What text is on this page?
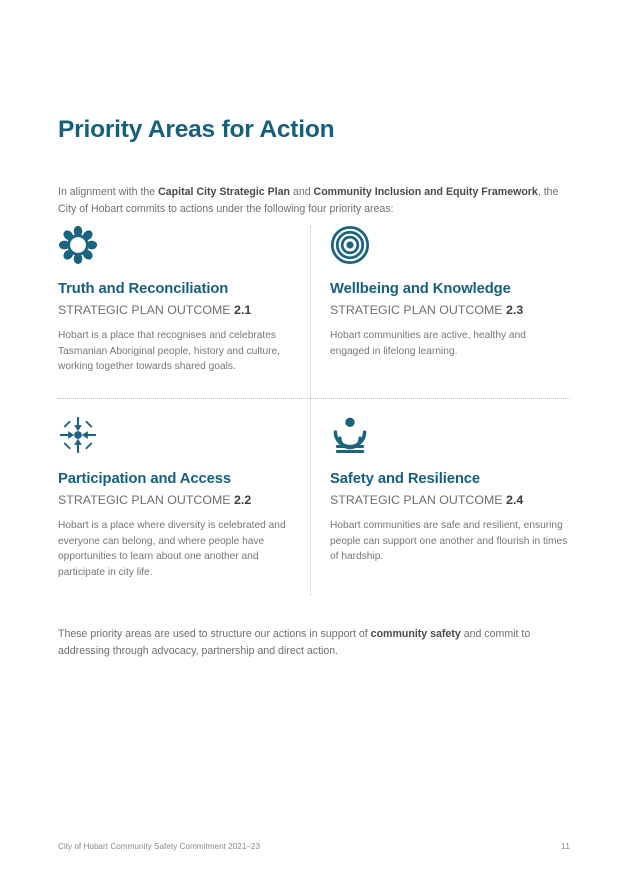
Priority Areas for Action

In alignment with the Capital City Strategic Plan and Community Inclusion and Equity Framework, the City of Hobart commits to actions under the following four priority areas:

Truth and Reconciliation
STRATEGIC PLAN OUTCOME 2.1
Hobart is a place that recognises and celebrates Tasmanian Aboriginal people, history and culture, working together towards shared goals.
Wellbeing and Knowledge
STRATEGIC PLAN OUTCOME 2.3
Hobart communities are active, healthy and engaged in lifelong learning.
Participation and Access
STRATEGIC PLAN OUTCOME 2.2
Hobart is a place where diversity is celebrated and everyone can belong, and where people have opportunities to learn about one another and participate in city life.
Safety and Resilience
STRATEGIC PLAN OUTCOME 2.4
Hobart communities are safe and resilient, ensuring people can support one another and flourish in times of hardship.

These priority areas are used to structure our actions in support of community safety and commit to addressing through advocacy, partnership and direct action.

City of Hobart Community Safety Commitment 2021–23	11
